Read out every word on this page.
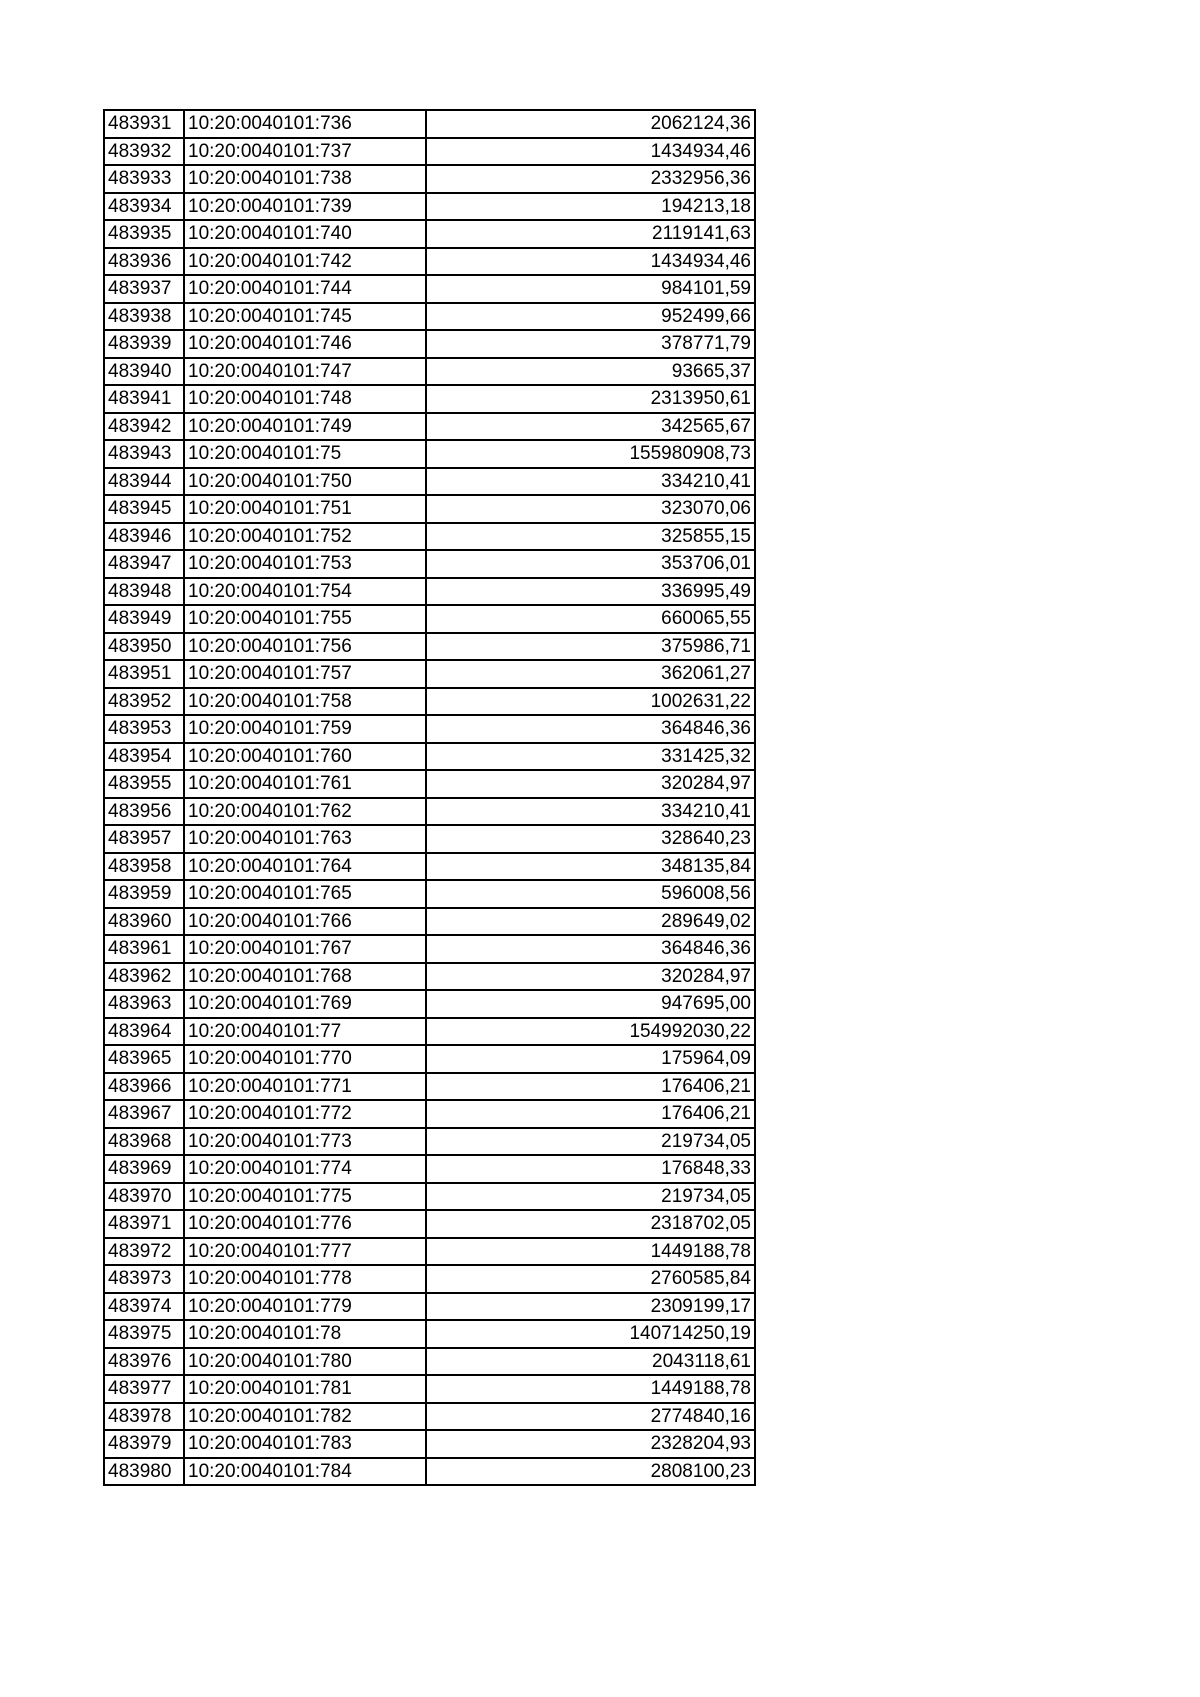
483931	10:20:0040101:736	2062124,36
483932	10:20:0040101:737	1434934,46
483933	10:20:0040101:738	2332956,36
483934	10:20:0040101:739	194213,18
483935	10:20:0040101:740	2119141,63
483936	10:20:0040101:742	1434934,46
483937	10:20:0040101:744	984101,59
483938	10:20:0040101:745	952499,66
483939	10:20:0040101:746	378771,79
483940	10:20:0040101:747	93665,37
483941	10:20:0040101:748	2313950,61
483942	10:20:0040101:749	342565,67
483943	10:20:0040101:75	155980908,73
483944	10:20:0040101:750	334210,41
483945	10:20:0040101:751	323070,06
483946	10:20:0040101:752	325855,15
483947	10:20:0040101:753	353706,01
483948	10:20:0040101:754	336995,49
483949	10:20:0040101:755	660065,55
483950	10:20:0040101:756	375986,71
483951	10:20:0040101:757	362061,27
483952	10:20:0040101:758	1002631,22
483953	10:20:0040101:759	364846,36
483954	10:20:0040101:760	331425,32
483955	10:20:0040101:761	320284,97
483956	10:20:0040101:762	334210,41
483957	10:20:0040101:763	328640,23
483958	10:20:0040101:764	348135,84
483959	10:20:0040101:765	596008,56
483960	10:20:0040101:766	289649,02
483961	10:20:0040101:767	364846,36
483962	10:20:0040101:768	320284,97
483963	10:20:0040101:769	947695,00
483964	10:20:0040101:77	154992030,22
483965	10:20:0040101:770	175964,09
483966	10:20:0040101:771	176406,21
483967	10:20:0040101:772	176406,21
483968	10:20:0040101:773	219734,05
483969	10:20:0040101:774	176848,33
483970	10:20:0040101:775	219734,05
483971	10:20:0040101:776	2318702,05
483972	10:20:0040101:777	1449188,78
483973	10:20:0040101:778	2760585,84
483974	10:20:0040101:779	2309199,17
483975	10:20:0040101:78	140714250,19
483976	10:20:0040101:780	2043118,61
483977	10:20:0040101:781	1449188,78
483978	10:20:0040101:782	2774840,16
483979	10:20:0040101:783	2328204,93
483980	10:20:0040101:784	2808100,23
